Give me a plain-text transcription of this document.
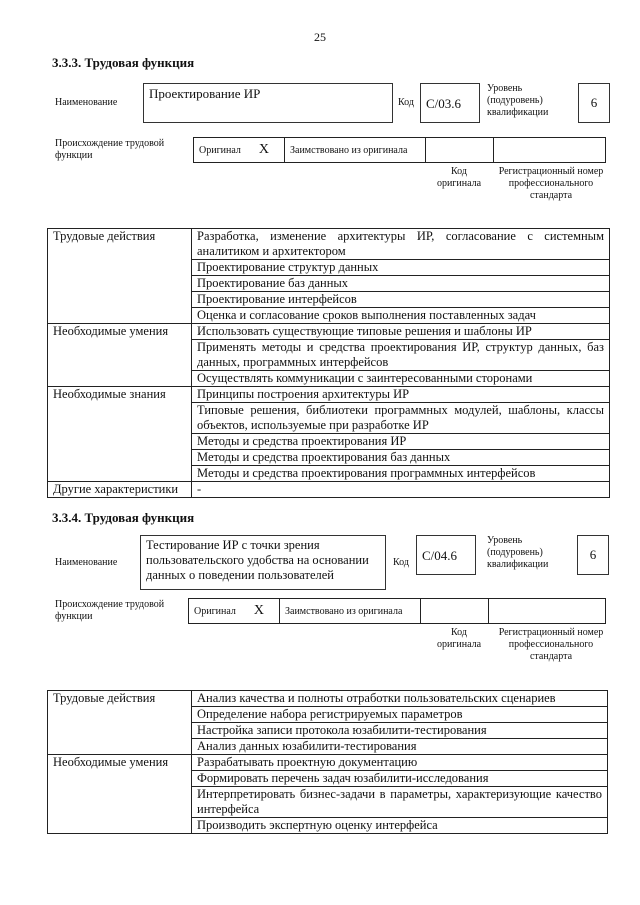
25
3.3.3. Трудовая функция
Наименование
Проектирование ИР
Код C/03.6
Уровень (подуровень) квалификации
6
Происхождение трудовой функции	Оригинал X	Заимствовано из оригинала		
Код оригинала
Регистрационный номер профессионального стандарта
Трудовые действия	Разработка, изменение архитектуры ИР, согласование с системным аналитиком и архитектором
	Проектирование структур данных
	Проектирование баз данных
	Проектирование интерфейсов
	Оценка и согласование сроков выполнения поставленных задач
Необходимые умения	Использовать существующие типовые решения и шаблоны ИР
	Применять методы и средства проектирования ИР, структур данных, баз данных, программных интерфейсов
	Осуществлять коммуникации с заинтересованными сторонами
Необходимые знания	Принципы построения архитектуры ИР
	Типовые решения, библиотеки программных модулей, шаблоны, классы объектов, используемые при разработке ИР
	Методы и средства проектирования ИР
	Методы и средства проектирования баз данных
	Методы и средства проектирования программных интерфейсов
Другие характеристики	-
3.3.4. Трудовая функция
Наименование
Тестирование ИР с точки зрения пользовательского удобства на основании данных о поведении пользователей
Код	C/04.6
Уровень (подуровень) квалификации
6
Происхождение трудовой функции	Оригинал X	Заимствовано из оригинала		
Код оригинала
Регистрационный номер профессионального стандарта
Трудовые действия	Анализ качества и полноты отработки пользовательских сценариев
	Определение набора регистрируемых параметров
	Настройка записи протокола юзабилити-тестирования
	Анализ данных юзабилити-тестирования
Необходимые умения	Разрабатывать проектную документацию
	Формировать перечень задач юзабилити-исследования
	Интерпретировать бизнес-задачи в параметры, характеризующие качество интерфейса
	Производить экспертную оценку интерфейса
